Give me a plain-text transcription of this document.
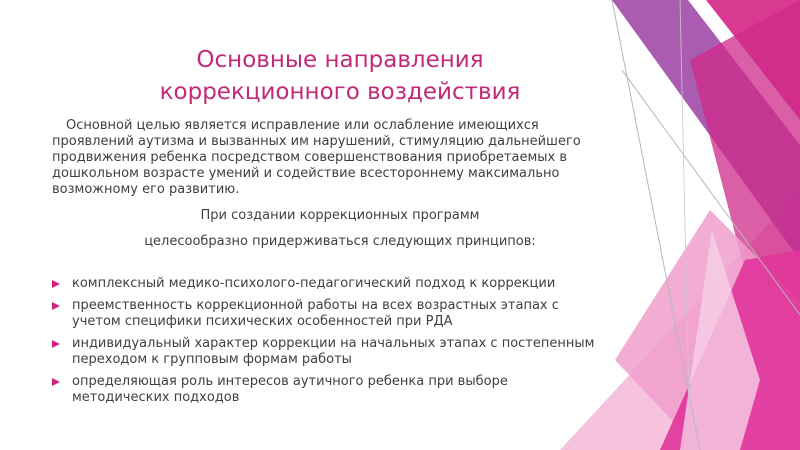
Основные направления
коррекционного воздействия

Основной целью является исправление или ослабление имеющихся

проявлений аутизма и вызванных им нарушений, стимуляцию дальнейшего

продвижения ребенка посредством совершенствования приобретаемых в

дошкольном возрасте умений и содействие всестороннему максимально

возможному его развитию.

При создании коррекционных программ
целесообразно придерживаться следующих принципов:

комплексный медико-психолого-педагогический подход к коррекции

преемственность коррекционной работы на всех возрастных этапах с

учетом специфики психических особенностей при РДА

индивидуальный характер коррекции на начальных этапах с постепенным

переходом к групповым формам работы

определяющая роль интересов аутичного ребенка при выборе

методических подходов
